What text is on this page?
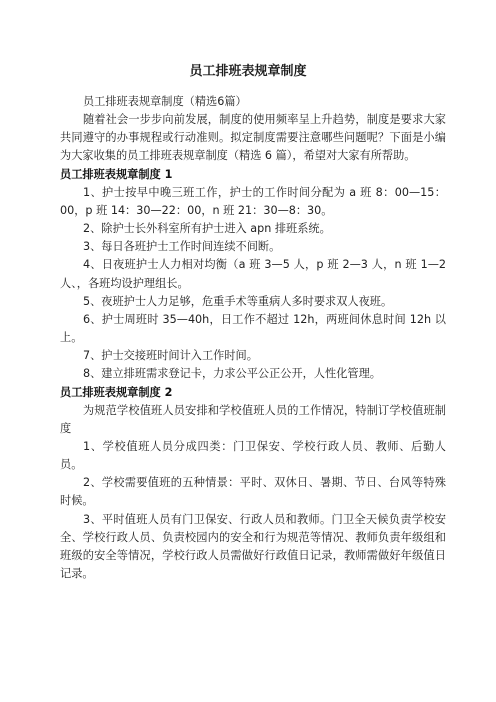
员工排班表规章制度

员工排班表规章制度（精选6篇）

随着社会一步步向前发展，制度的使用频率呈上升趋势，制度是要求大家共同遵守的办事规程或行动准则。拟定制度需要注意哪些问题呢？下面是小编为大家收集的员工排班表规章制度（精选 6 篇），希望对大家有所帮助。

员工排班表规章制度 1

1、护士按早中晚三班工作，护士的工作时间分配为 a 班 8：00—15：00，p 班 14：30—22：00，n 班 21：30—8：30。

2、除护士长外科室所有护士进入 apn 排班系统。

3、每日各班护士工作时间连续不间断。

4、日夜班护士人力相对均衡（a 班 3—5 人，p 班 2—3 人，n 班 1—2 人、，各班均设护理组长。

5、夜班护士人力足够，危重手术等重病人多时要求双人夜班。

6、护士周班时 35—40h，日工作不超过 12h，两班间休息时间 12h 以上。

7、护士交接班时间计入工作时间。

8、建立排班需求登记卡，力求公平公正公开，人性化管理。

员工排班表规章制度 2

为规范学校值班人员安排和学校值班人员的工作情况，特制订学校值班制度

1、学校值班人员分成四类：门卫保安、学校行政人员、教师、后勤人员。

2、学校需要值班的五种情景：平时、双休日、暑期、节日、台风等特殊时候。

3、平时值班人员有门卫保安、行政人员和教师。门卫全天候负责学校安全、学校行政人员、负责校园内的安全和行为规范等情况、教师负责年级组和班级的安全等情况，学校行政人员需做好行政值日记录，教师需做好年级值日记录。
